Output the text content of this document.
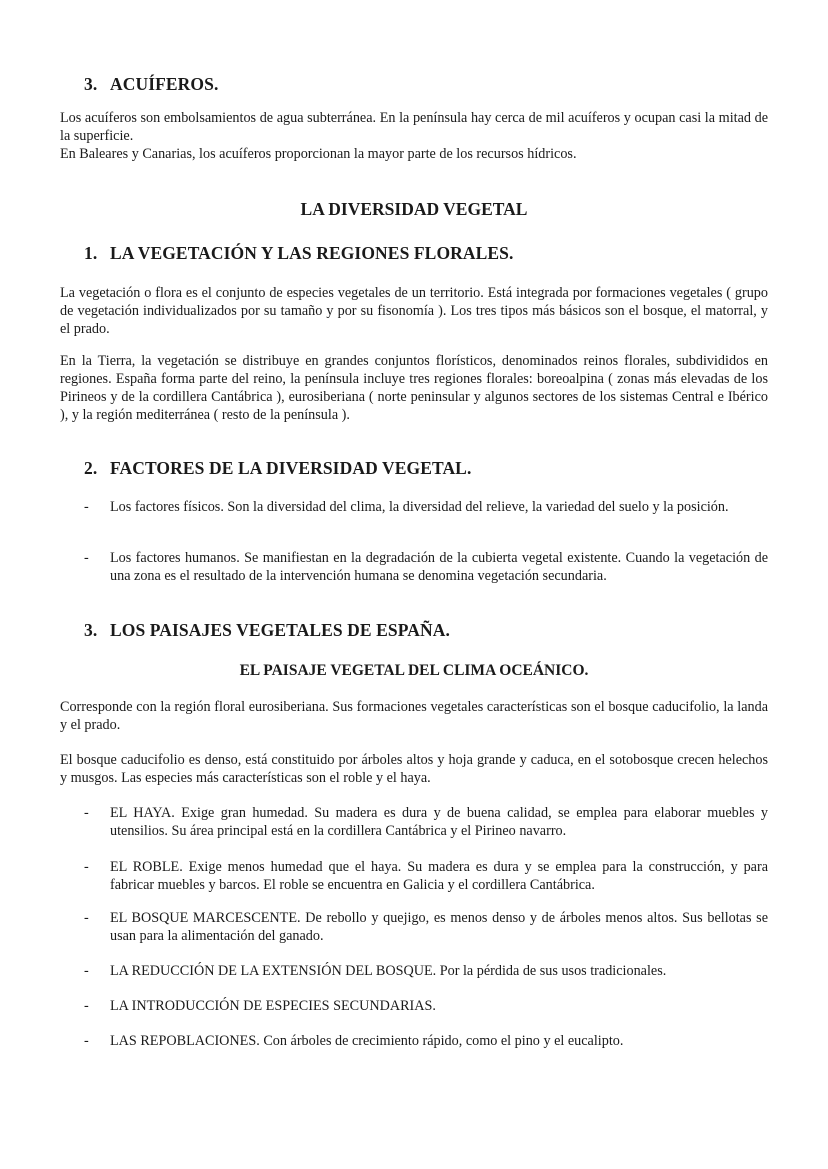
3. ACUÍFEROS.

Los acuíferos son embolsamientos de agua subterránea. En la península hay cerca de mil acuíferos y ocupan casi la mitad de la superficie.

En Baleares y Canarias, los acuíferos proporcionan la mayor parte de los recursos hídricos.

LA DIVERSIDAD VEGETAL
1. LA VEGETACIÓN Y LAS REGIONES FLORALES.

La vegetación o flora es el conjunto de especies vegetales de un territorio. Está integrada por formaciones vegetales ( grupo de vegetación individualizados por su tamaño y por su fisonomía ). Los tres tipos más básicos son el bosque, el matorral, y el prado.

En la Tierra, la vegetación se distribuye en grandes conjuntos florísticos, denominados reinos florales, subdivididos en regiones. España forma parte del reino, la península incluye tres regiones florales: boreoalpina ( zonas más elevadas de los Pirineos y de la cordillera Cantábrica ), eurosiberiana ( norte peninsular y algunos sectores de los sistemas Central e Ibérico ), y la región mediterránea ( resto de la península ).

2. FACTORES DE LA DIVERSIDAD VEGETAL.
- Los factores físicos. Son la diversidad del clima, la diversidad del relieve, la variedad del suelo y la posición.
- Los factores humanos. Se manifiestan en la degradación de la cubierta vegetal existente. Cuando la vegetación de una zona es el resultado de la intervención humana se denomina vegetación secundaria.
3. LOS PAISAJES VEGETALES DE ESPAÑA.
EL PAISAJE VEGETAL DEL CLIMA OCEÁNICO.

Corresponde con la región floral eurosiberiana. Sus formaciones vegetales características son el bosque caducifolio, la landa y el prado.

El bosque caducifolio es denso, está constituido por árboles altos y hoja grande y caduca, en el sotobosque crecen helechos y musgos. Las especies más características son el roble y el haya.

- EL HAYA. Exige gran humedad. Su madera es dura y de buena calidad, se emplea para elaborar muebles y utensilios. Su área principal está en la cordillera Cantábrica y el Pirineo navarro.
- EL ROBLE. Exige menos humedad que el haya. Su madera es dura y se emplea para la construcción, y para fabricar muebles y barcos. El roble se encuentra en Galicia y el cordillera Cantábrica.
- EL BOSQUE MARCESCENTE. De rebollo y quejigo, es menos denso y de árboles menos altos. Sus bellotas se usan para la alimentación del ganado.
- LA REDUCCIÓN DE LA EXTENSIÓN DEL BOSQUE. Por la pérdida de sus usos tradicionales.
- LA INTRODUCCIÓN DE ESPECIES SECUNDARIAS.
- LAS REPOBLACIONES. Con árboles de crecimiento rápido, como el pino y el eucalipto.
